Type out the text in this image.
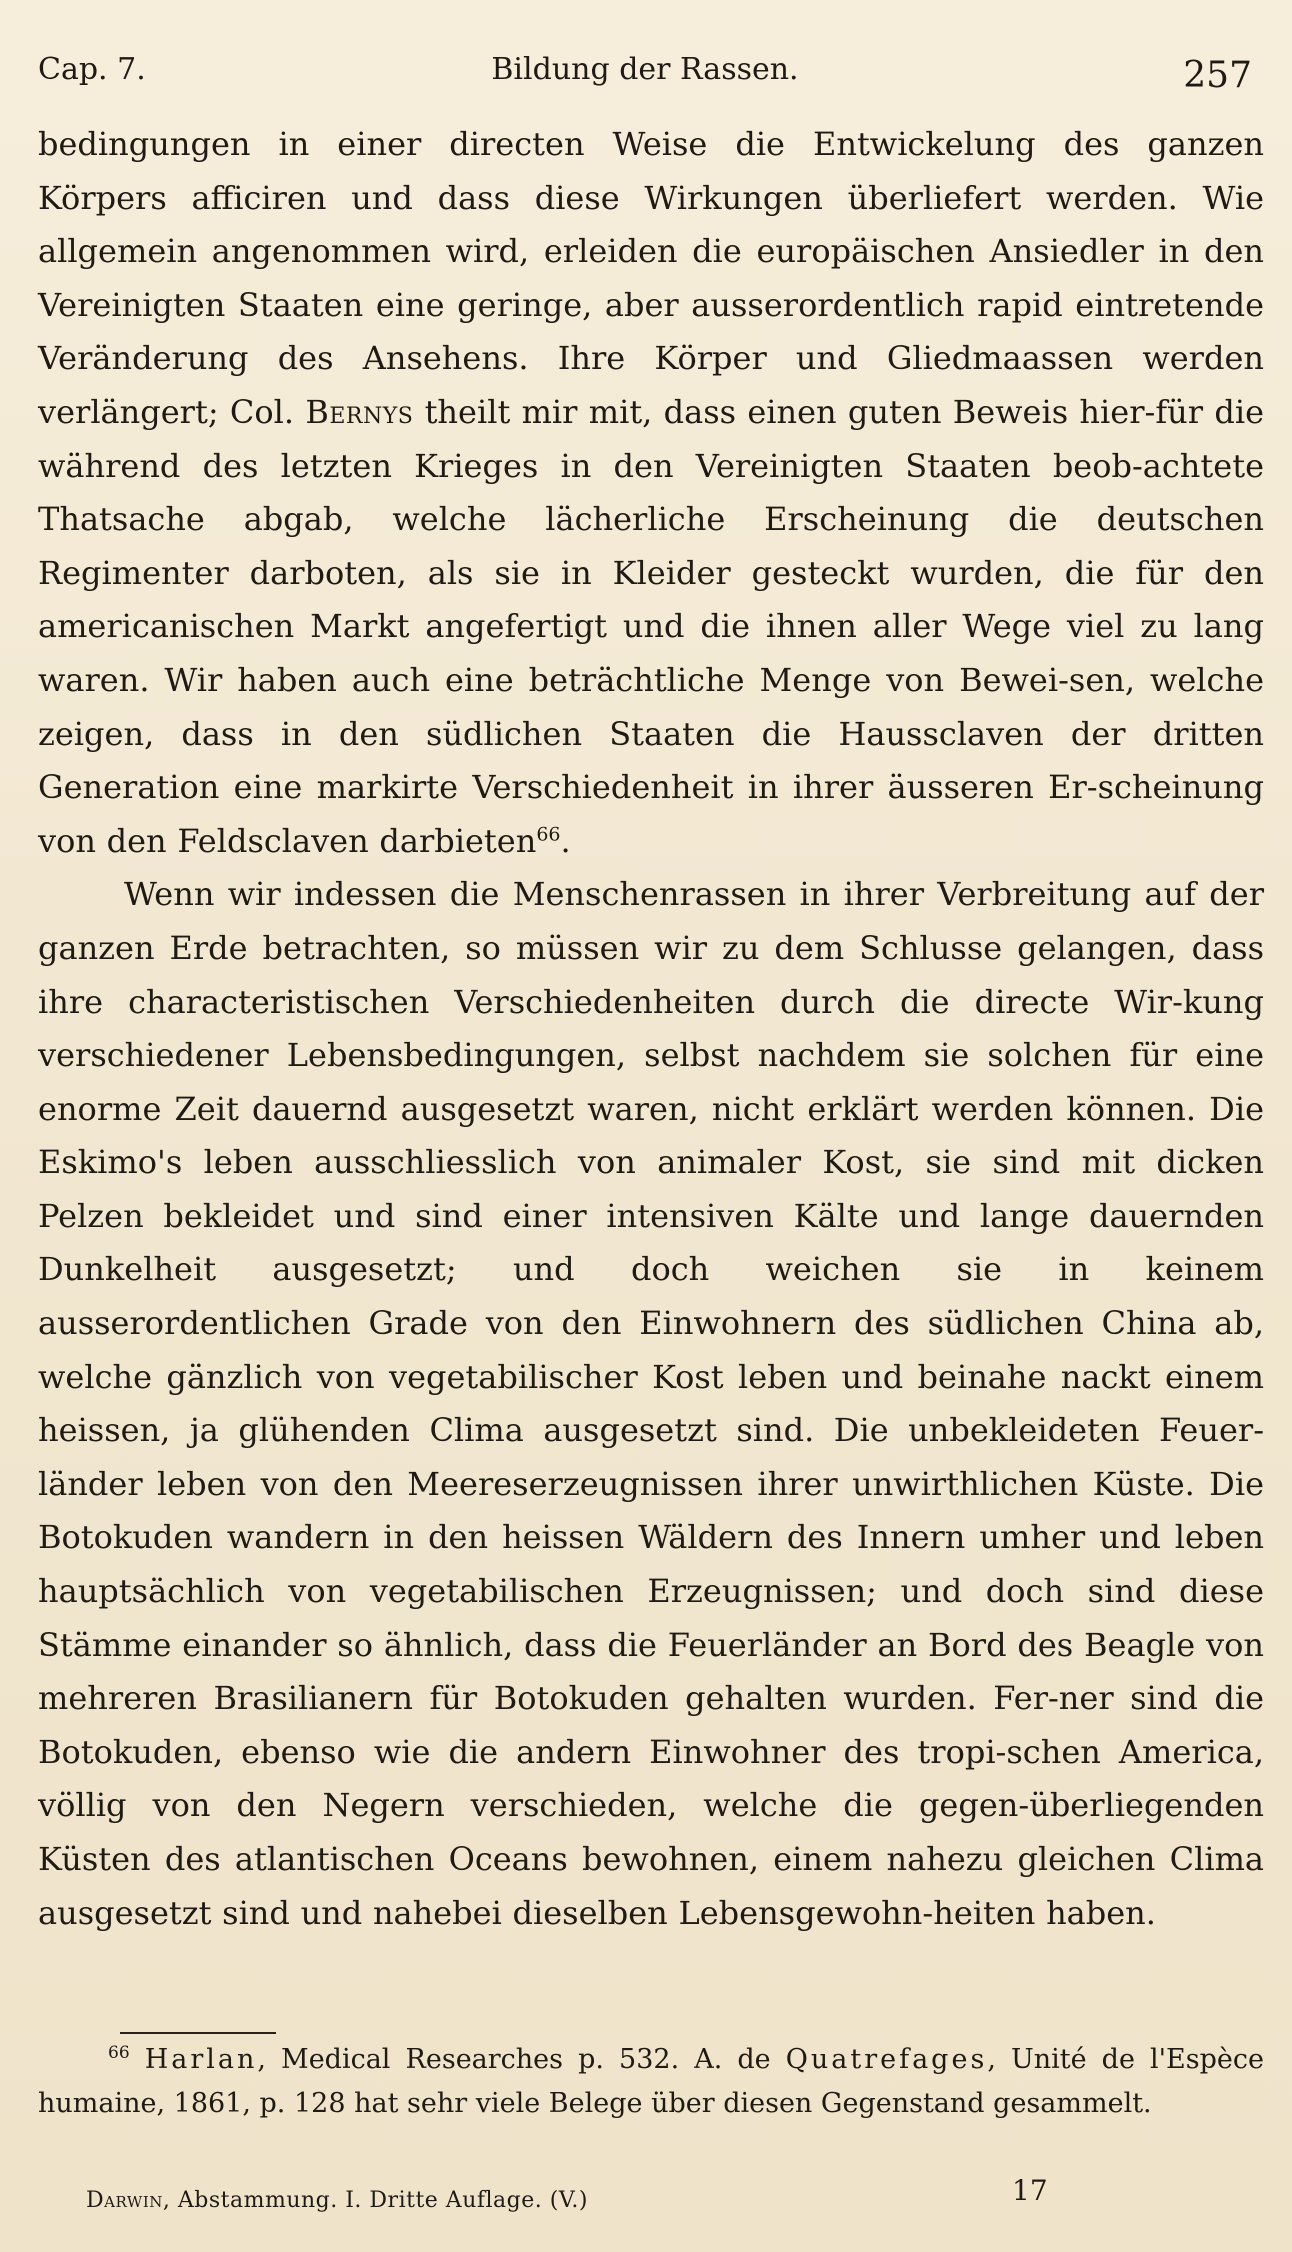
Cap. 7.	Bildung der Rassen.	257

bedingungen in einer directen Weise die Entwickelung des ganzen Körpers afficiren und dass diese Wirkungen überliefert werden. Wie allgemein angenommen wird, erleiden die europäischen Ansiedler in den Vereinigten Staaten eine geringe, aber ausserordentlich rapid eintretende Veränderung des Ansehens. Ihre Körper und Gliedmaassen werden verlängert; Col. Bernys theilt mir mit, dass einen guten Beweis hier-für die während des letzten Krieges in den Vereinigten Staaten beob-achtete Thatsache abgab, welche lächerliche Erscheinung die deutschen Regimenter darboten, als sie in Kleider gesteckt wurden, die für den americanischen Markt angefertigt und die ihnen aller Wege viel zu lang waren. Wir haben auch eine beträchtliche Menge von Bewei-sen, welche zeigen, dass in den südlichen Staaten die Haussclaven der dritten Generation eine markirte Verschiedenheit in ihrer äusseren Er-scheinung von den Feldsclaven darbieten$^{66}$.

Wenn wir indessen die Menschenrassen in ihrer Verbreitung auf der ganzen Erde betrachten, so müssen wir zu dem Schlusse gelangen, dass ihre characteristischen Verschiedenheiten durch die directe Wir-kung verschiedener Lebensbedingungen, selbst nachdem sie solchen für eine enorme Zeit dauernd ausgesetzt waren, nicht erklärt werden können. Die Eskimo's leben ausschliesslich von animaler Kost, sie sind mit dicken Pelzen bekleidet und sind einer intensiven Kälte und lange dauernden Dunkelheit ausgesetzt; und doch weichen sie in keinem ausserordentlichen Grade von den Einwohnern des südlichen China ab, welche gänzlich von vegetabilischer Kost leben und beinahe nackt einem heissen, ja glühenden Clima ausgesetzt sind. Die unbekleideten Feuer-länder leben von den Meereserzeugnissen ihrer unwirthlichen Küste. Die Botokuden wandern in den heissen Wäldern des Innern umher und leben hauptsächlich von vegetabilischen Erzeugnissen; und doch sind diese Stämme einander so ähnlich, dass die Feuerländer an Bord des Beagle von mehreren Brasilianern für Botokuden gehalten wurden. Fer-ner sind die Botokuden, ebenso wie die andern Einwohner des tropi-schen America, völlig von den Negern verschieden, welche die gegen-überliegenden Küsten des atlantischen Oceans bewohnen, einem nahezu gleichen Clima ausgesetzt sind und nahebei dieselben Lebensgewohn-heiten haben.

$^{66}$ Harlan, Medical Researches p. 532. A. de Quatrefages, Unité de l'Espèce humaine, 1861, p. 128 hat sehr viele Belege über diesen Gegenstand gesammelt.

Darwin, Abstammung. I. Dritte Auflage. (V.)	17
